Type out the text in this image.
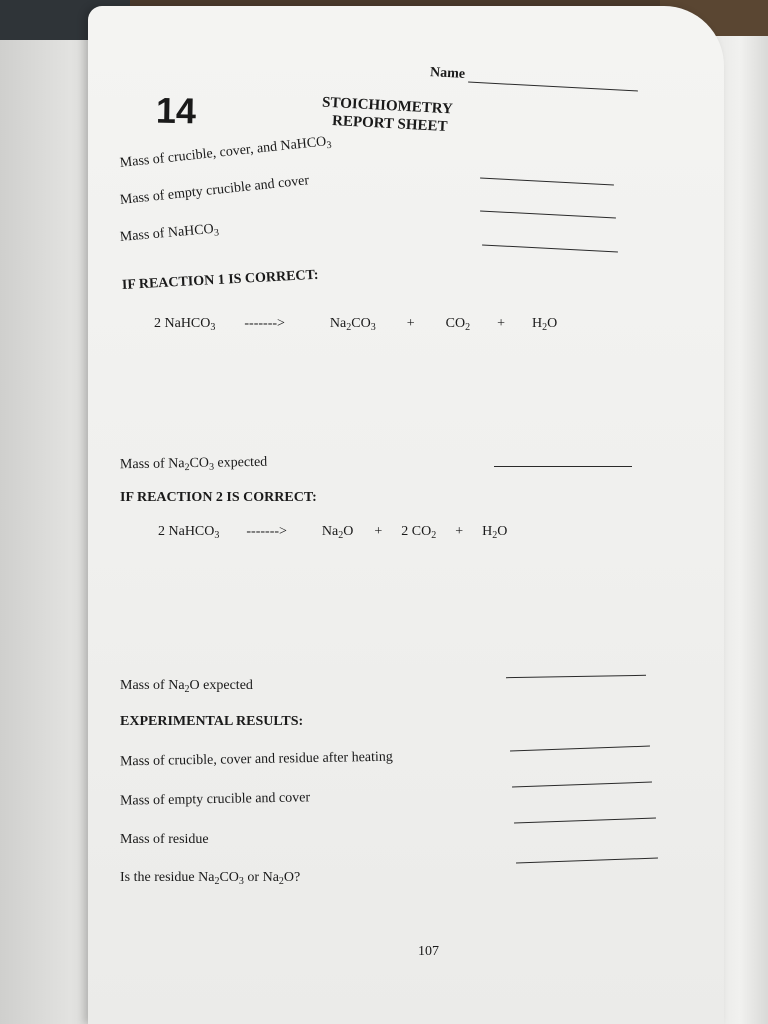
Name
14	STOICHIOMETRY
REPORT SHEET
Mass of crucible, cover, and NaHCO$_3$
Mass of empty crucible and cover
Mass of NaHCO$_3$
IF REACTION 1 IS CORRECT:
2 NaHCO$_3$ ------->	$Na_2CO_3 + CO_2 + H_2O$
Mass of $Na_2CO_3$ expected
IF REACTION 2 IS CORRECT:
2 NaHCO$_3$ ------->	$Na_2O + 2$ $CO_2 + H_2O$
Mass of $Na_2O$ expected
EXPERIMENTAL RESULTS:
Mass of crucible, cover and residue after heating
Mass of empty crucible and cover
Mass of residue
Is the residue $Na_2CO_3$ or $Na_2O$?
107
